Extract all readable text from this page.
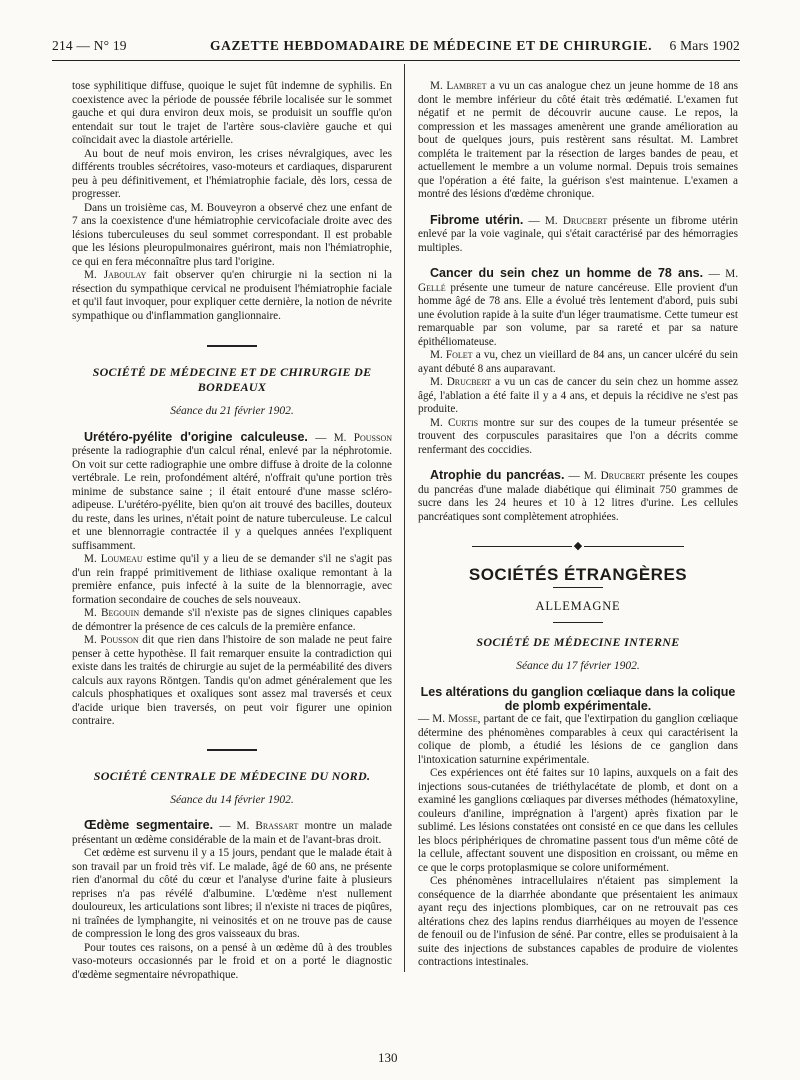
214 — N° 19	GAZETTE HEBDOMADAIRE DE MÉDECINE ET DE CHIRURGIE. 6 Mars 1902

tose syphilitique diffuse, quoique le sujet fût indemne de syphilis. En coexistence avec la période de poussée fébrile localisée sur le sommet gauche et qui dura environ deux mois, se produisit un souffle qu'on entendait sur tout le trajet de l'artère sous-clavière gauche et qui coïncidait avec la diastole artérielle.

Au bout de neuf mois environ, les crises névralgiques, avec les différents troubles sécrétoires, vaso-moteurs et cardiaques, disparurent peu à peu définitivement, et l'hémiatrophie faciale, dès lors, cessa de progresser.

Dans un troisième cas, M. Bouveyron a observé chez une enfant de 7 ans la coexistence d'une hémiatrophie cervicofaciale droite avec des lésions tuberculeuses du seul sommet correspondant. Il est probable que les lésions pleuropulmonaires guériront, mais non l'hémiatrophie, ce qui en fera méconnaître plus tard l'origine.

M. Jaboulay fait observer qu'en chirurgie ni la section ni la résection du sympathique cervical ne produisent l'hémiatrophie faciale et qu'il faut invoquer, pour expliquer cette dernière, la notion de névrite sympathique ou d'inflammation ganglionnaire.

SOCIÉTÉ DE MÉDECINE ET DE CHIRURGIE DE BORDEAUX
Séance du 21 février 1902.

Urétéro-pyélite d'origine calculeuse. — M. Pousson présente la radiographie d'un calcul rénal, enlevé par la néphrotomie. On voit sur cette radiographie une ombre diffuse à droite de la colonne vertébrale. Le rein, profondément altéré, n'offrait qu'une portion très minime de substance saine ; il était entouré d'une masse scléro-adipeuse. L'urétéro-pyélite, bien qu'on ait trouvé des bacilles, douteux du reste, dans les urines, n'était point de nature tuberculeuse. Le calcul et une blennorragie contractée il y a quelques années l'expliquent suffisamment.

M. Loumeau estime qu'il y a lieu de se demander s'il ne s'agit pas d'un rein frappé primitivement de lithiase oxalique remontant à la première enfance, puis infecté à la suite de la blennorragie, avec formation secondaire de couches de sels nouveaux.

M. Begouin demande s'il n'existe pas de signes cliniques capables de démontrer la présence de ces calculs de la première enfance.

M. Pousson dit que rien dans l'histoire de son malade ne peut faire penser à cette hypothèse. Il fait remarquer ensuite la contradiction qui existe dans les traités de chirurgie au sujet de la perméabilité des divers calculs aux rayons Röntgen. Tandis qu'on admet généralement que les calculs phosphatiques et oxaliques sont assez mal traversés et ceux d'acide urique bien traversés, on peut voir figurer une opinion contraire.

SOCIÉTÉ CENTRALE DE MÉDECINE DU NORD.
Séance du 14 février 1902.

Œdème segmentaire. — M. Brassart montre un malade présentant un œdème considérable de la main et de l'avant-bras droit.

Cet œdème est survenu il y a 15 jours, pendant que le malade était à son travail par un froid très vif. Le malade, âgé de 60 ans, ne présente rien d'anormal du côté du cœur et l'analyse d'urine faite à plusieurs reprises n'a pas révélé d'albumine. L'œdème n'est nullement douloureux, les articulations sont libres; il n'existe ni traces de piqûres, ni traînées de lymphangite, ni veinosités et on ne trouve pas de cause de compression le long des gros vaisseaux du bras.

Pour toutes ces raisons, on a pensé à un œdème dû à des troubles vaso-moteurs occasionnés par le froid et on a porté le diagnostic d'œdème segmentaire névropathique.

M. Lambret a vu un cas analogue chez un jeune homme de 18 ans dont le membre inférieur du côté était très œdématié. L'examen fut négatif et ne permit de découvrir aucune cause. Le repos, la compression et les massages amenèrent une grande amélioration au bout de quelques jours, puis restèrent sans résultat. M. Lambret compléta le traitement par la résection de larges bandes de peau, et actuellement le membre a un volume normal. Depuis trois semaines que l'opération a été faite, la guérison s'est maintenue. L'examen a montré des lésions d'œdème chronique.

Fibrome utérin. — M. Drucbert présente un fibrome utérin enlevé par la voie vaginale, qui s'était caractérisé par des hémorragies multiples.

Cancer du sein chez un homme de 78 ans. — M. Gellé présente une tumeur de nature cancéreuse. Elle provient d'un homme âgé de 78 ans. Elle a évolué très lentement d'abord, puis subi une évolution rapide à la suite d'un léger traumatisme. Cette tumeur est remarquable par son volume, par sa rareté et par sa nature épithéliomateuse.

M. Folet a vu, chez un vieillard de 84 ans, un cancer ulcéré du sein ayant débuté 8 ans auparavant.

M. Drucbert a vu un cas de cancer du sein chez un homme assez âgé, l'ablation a été faite il y a 4 ans, et depuis la récidive ne s'est pas produite.

M. Curtis montre sur sur des coupes de la tumeur présentée se trouvent des corpuscules parasitaires que l'on a décrits comme renfermant des coccidies.

Atrophie du pancréas. — M. Drucbert présente les coupes du pancréas d'une malade diabétique qui éliminait 750 grammes de sucre dans les 24 heures et 10 à 12 litres d'urine. Les cellules pancréatiques sont complètement atrophiées.

◆
SOCIÉTÉS ÉTRANGÈRES
ALLEMAGNE
SOCIÉTÉ DE MÉDECINE INTERNE
Séance du 17 février 1902.
Les altérations du ganglion cœliaque dans la colique de plomb expérimentale.

— M. Mosse, partant de ce fait, que l'extirpation du ganglion cœliaque détermine des phénomènes comparables à ceux qui caractérisent la colique de plomb, a étudié les lésions de ce ganglion dans l'intoxication saturnine expérimentale.

Ces expériences ont été faites sur 10 lapins, auxquels on a fait des injections sous-cutanées de triéthylacétate de plomb, et dont on a examiné les ganglions cœliaques par diverses méthodes (hématoxyline, couleurs d'aniline, imprégnation à l'argent) après fixation par le sublimé. Les lésions constatées ont consisté en ce que dans les cellules les blocs périphériques de chromatine passent tous d'un même côté de la cellule, affectant souvent une disposition en croissant, ou même en ce que le corps protoplasmique se colore uniformément.

Ces phénomènes intracellulaires n'étaient pas simplement la conséquence de la diarrhée abondante que présentaient les animaux ayant reçu des injections plombiques, car on ne retrouvait pas ces altérations chez des lapins rendus diarrhéiques au moyen de l'essence de fenouil ou de l'infusion de séné. Par contre, elles se produisaient à la suite des injections de substances capables de produire de violentes contractions intestinales.

130
